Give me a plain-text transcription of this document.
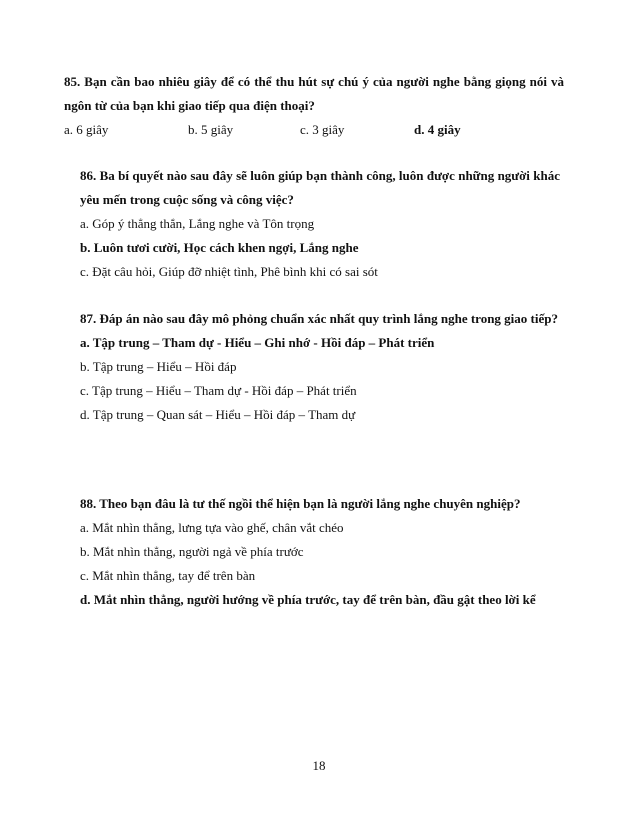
85. Bạn cần bao nhiêu giây để có thể thu hút sự chú ý của người nghe bằng giọng nói và ngôn từ của bạn khi giao tiếp qua điện thoại?
a. 6 giây	b. 5 giây	c. 3 giây	d. 4 giây
86. Ba bí quyết nào sau đây sẽ luôn giúp bạn thành công, luôn được những người khác yêu mến trong cuộc sống và công việc?
a. Góp ý thẳng thắn, Lắng nghe và Tôn trọng
b. Luôn tươi cười, Học cách khen ngợi, Lắng nghe
c. Đặt câu hỏi, Giúp đỡ nhiệt tình, Phê bình khi có sai sót
87. Đáp án nào sau đây mô phỏng chuẩn xác nhất quy trình lắng nghe trong giao tiếp?
a. Tập trung – Tham dự - Hiểu – Ghi nhớ - Hồi đáp – Phát triển
b. Tập trung – Hiểu – Hồi đáp
c. Tập trung – Hiểu – Tham dự - Hồi đáp – Phát triển
d. Tập trung – Quan sát – Hiểu – Hồi đáp – Tham dự
88. Theo bạn đâu là tư thế ngồi thể hiện bạn là người lắng nghe chuyên nghiệp?
a. Mắt nhìn thẳng, lưng tựa vào ghế, chân vắt chéo
b. Mắt nhìn thẳng, người ngả về phía trước
c. Mắt nhìn thẳng, tay để trên bàn
d. Mắt nhìn thẳng, người hướng về phía trước, tay để trên bàn, đầu gật theo lời kể
18
